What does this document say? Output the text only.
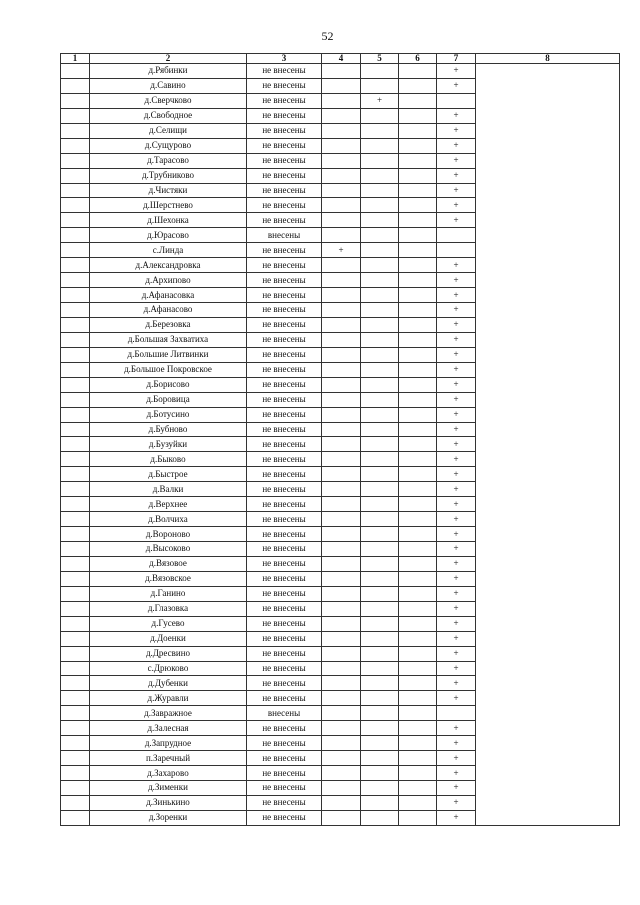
52
1	2	3	4	5	6	7	8
	д.Рябинки	не внесены				+	
	д.Савино	не внесены				+	
	д.Сверчково	не внесены		+			
	д.Свободное	не внесены				+	
	д.Селищи	не внесены				+	
	д.Сущурово	не внесены				+	
	д.Тарасово	не внесены				+	
	д.Трубниково	не внесены				+	
	д.Чистяки	не внесены				+	
	д.Шерстнево	не внесены				+	
	д.Шехонка	не внесены				+	
	д.Юрасово	внесены					
	с.Линда	не внесены	+				
	д.Александровка	не внесены				+	
	д.Архипово	не внесены				+	
	д.Афанасовка	не внесены				+	
	д.Афанасово	не внесены				+	
	д.Березовка	не внесены				+	
	д.Большая Захватиха	не внесены				+	
	д.Большие Литвинки	не внесены				+	
	д.Большое Покровское	не внесены				+	
	д.Борисово	не внесены				+	
	д.Боровица	не внесены				+	
	д.Ботусино	не внесены				+	
	д.Бубново	не внесены				+	
	д.Бузуйки	не внесены				+	
	д.Быково	не внесены				+	
	д.Быстрое	не внесены				+	
	д.Валки	не внесены				+	
	д.Верхнее	не внесены				+	
	д.Волчиха	не внесены				+	
	д.Вороново	не внесены				+	
	д.Высоково	не внесены				+	
	д.Вязовое	не внесены				+	
	д.Вязовское	не внесены				+	
	д.Ганино	не внесены				+	
	д.Глазовка	не внесены				+	
	д.Гусево	не внесены				+	
	д.Доенки	не внесены				+	
	д.Дресвино	не внесены				+	
	с.Дрюково	не внесены				+	
	д.Дубенки	не внесены				+	
	д.Журавли	не внесены				+	
	д.Завражное	внесены					
	д.Залесная	не внесены				+	
	д.Запрудное	не внесены				+	
	п.Заречный	не внесены				+	
	д.Захарово	не внесены				+	
	д.Зименки	не внесены				+	
	д.Зинькино	не внесены				+	
	д.Зоренки	не внесены				+	
